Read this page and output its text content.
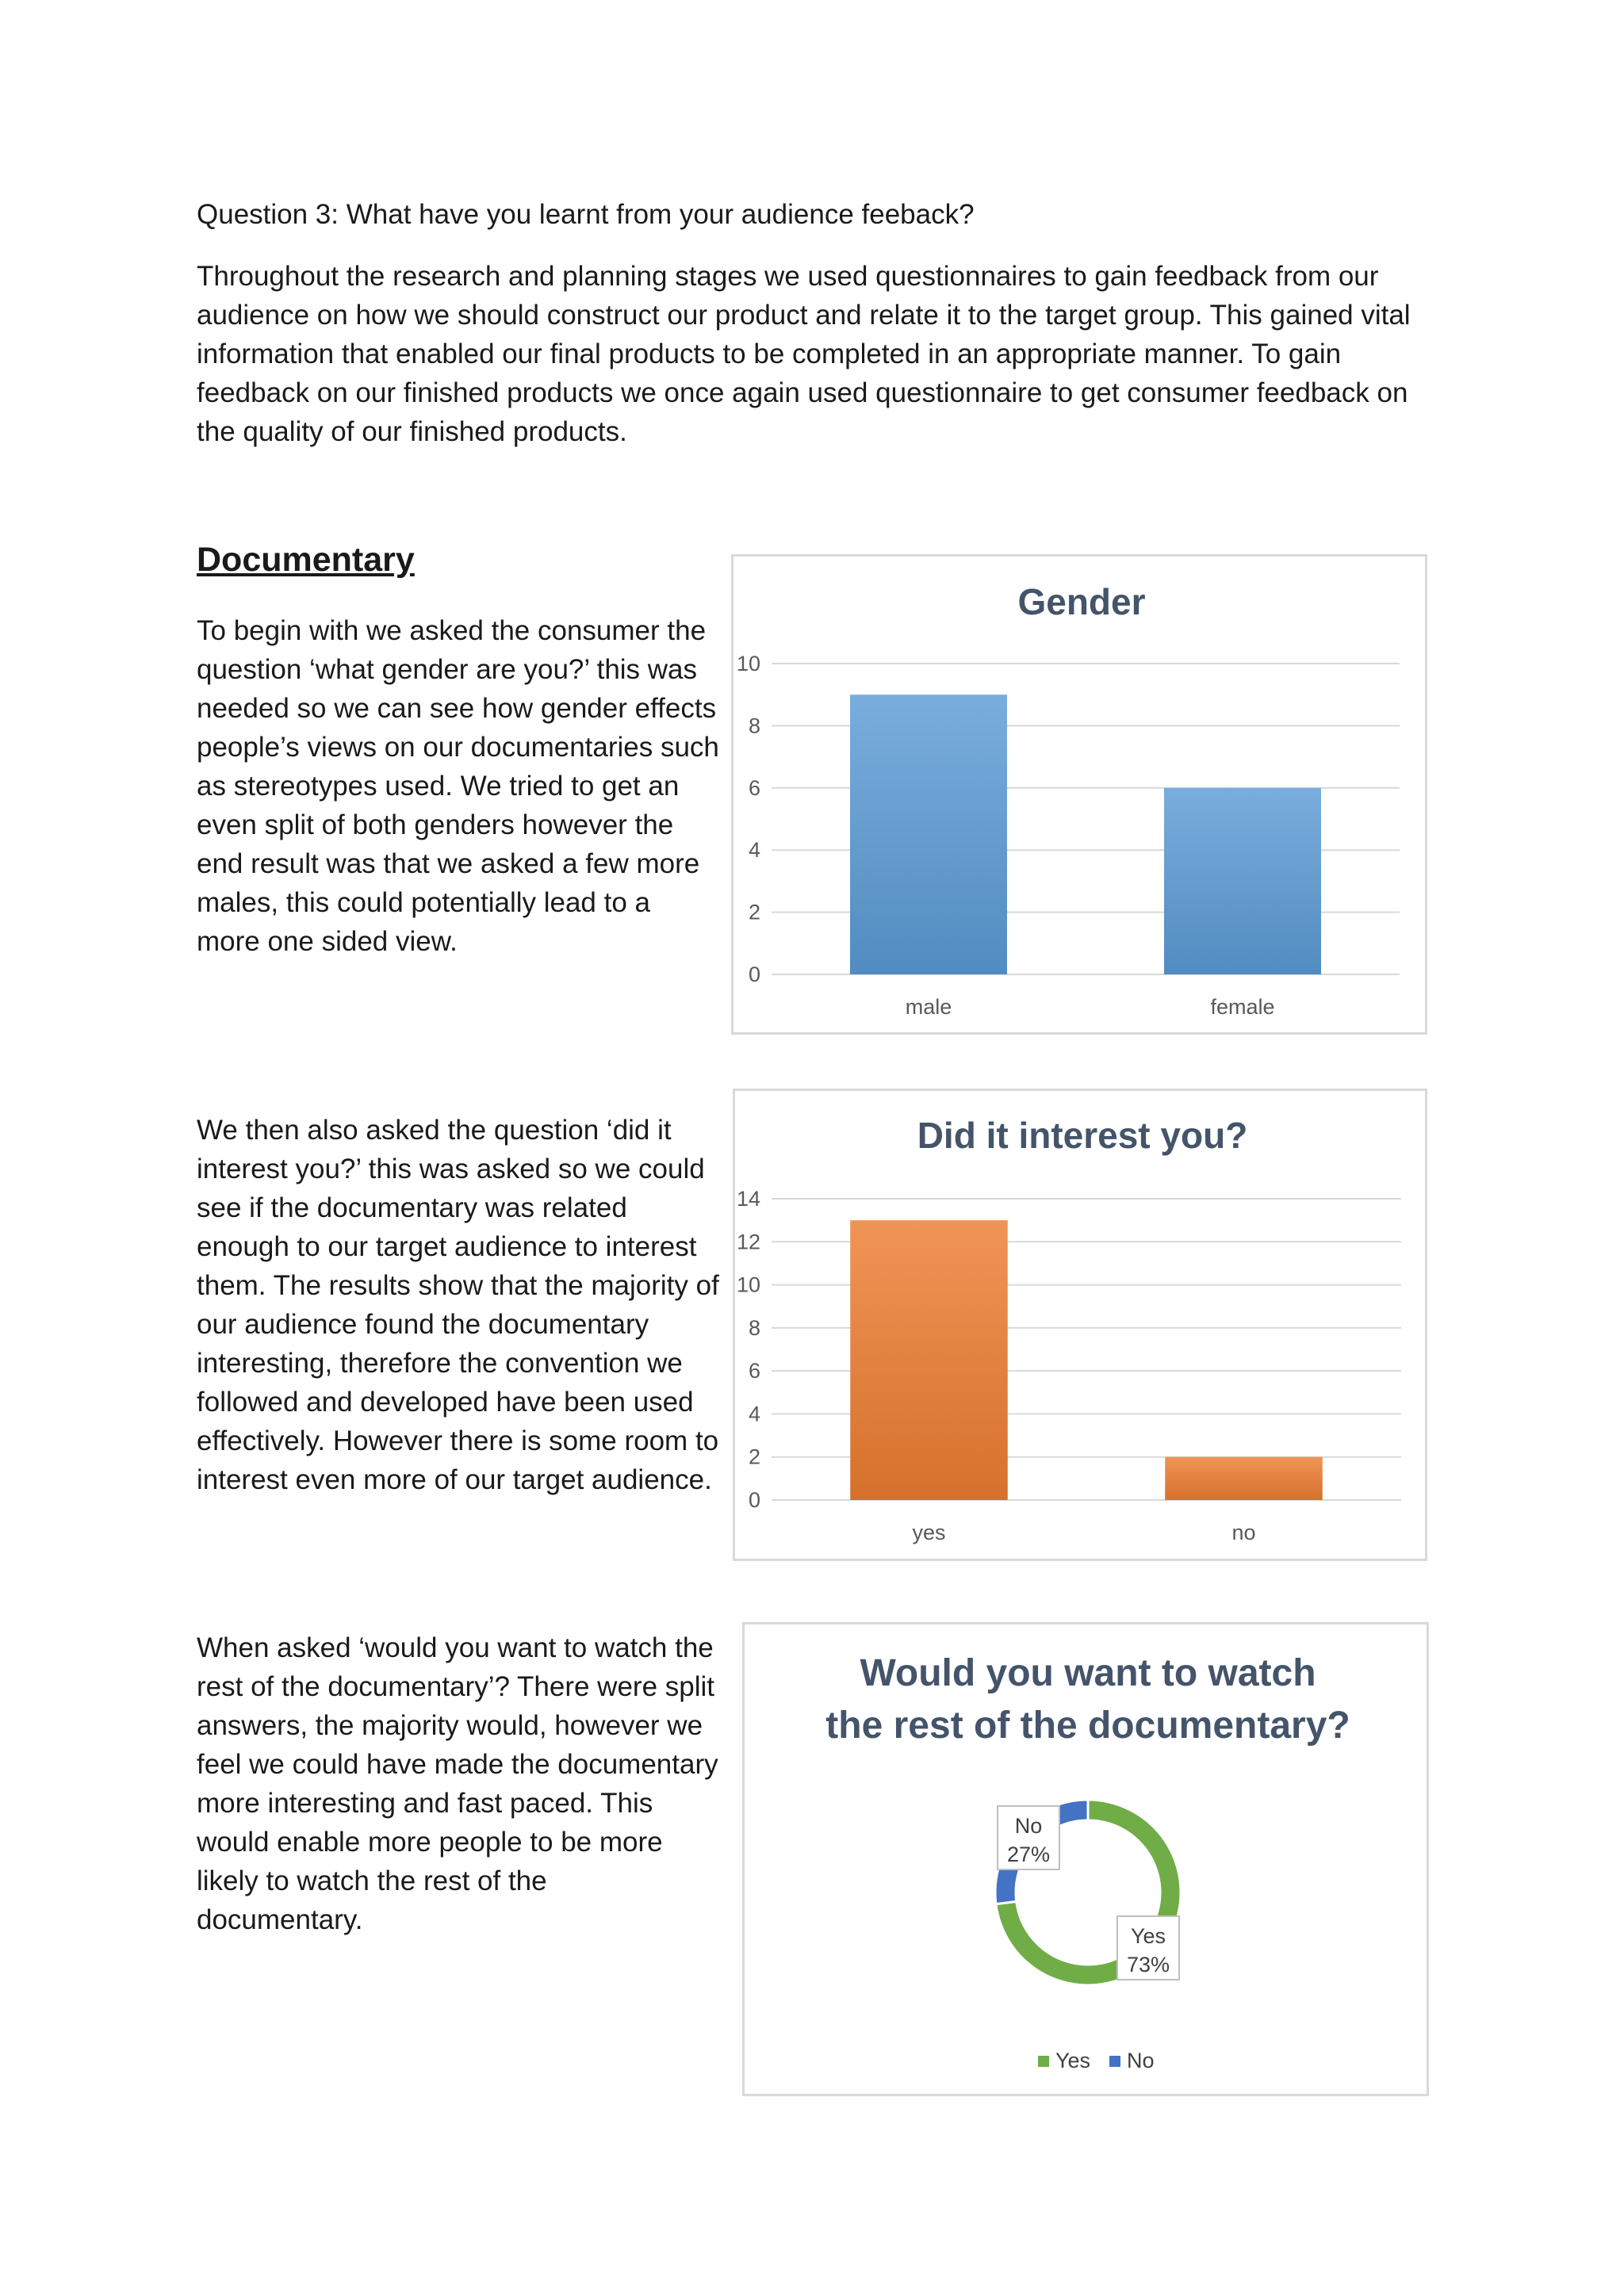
Question 3: What have you learnt from your audience feeback?

Throughout the research and planning stages we used questionnaires to gain feedback from our audience on how we should construct our product and relate it to the target group. This gained vital information that enabled our final products to be completed in an appropriate manner. To gain feedback on our finished products we once again used questionnaire to get consumer feedback on the quality of our finished products.

Documentary

To begin with we asked the consumer the question ‘what gender are you?’ this was needed so we can see how gender effects people’s views on our documentaries such as stereotypes used. We tried to get an even split of both genders however the end result was that we asked a few more males, this could potentially lead to a more one sided view.

We then also asked the question ‘did it interest you?’ this was asked so we could see if the documentary was related enough to our target audience to interest them. The results show that the majority of our audience found the documentary interesting, therefore the convention we followed and developed have been used effectively. However there is some room to interest even more of our target audience.

When asked ‘would you want to watch the rest of the documentary’? There were split answers, the majority would, however we feel we could have made the documentary more interesting and fast paced. This would enable more people to be more likely to watch the rest of the documentary.

Gender
0
2
4
6
8
10
male	female
Did it interest you?
0
2
4
6
8
10
12
14
yes	no
Would you want to watch
the rest of the documentary?
Yes
73%
No
27%
Yes No
